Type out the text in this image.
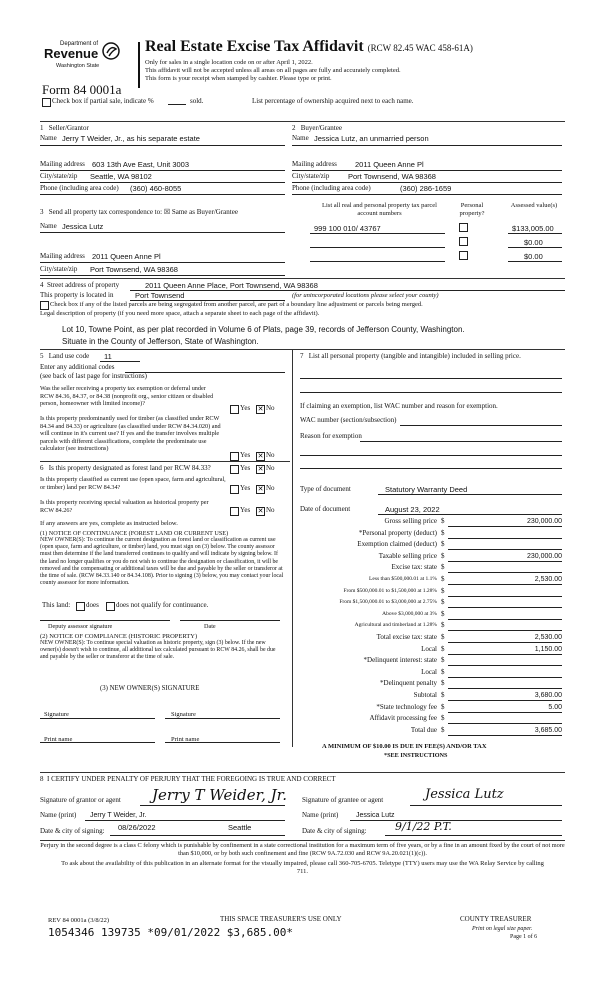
Department of
Revenue
Washington State
Form 84 0001a
Check box if partial sale, indicate %	sold.	List percentage of ownership acquired next to each name.
Real Estate Excise Tax Affidavit (RCW 82.45 WAC 458-61A)
Only for sales in a single location code on or after April 1, 2022.
This affidavit will not be accepted unless all areas on all pages are fully and accurately completed.
This form is your receipt when stamped by cashier. Please type or print.
1 Seller/Grantor
Name Jerry T Weider, Jr., as his separate estate
Mailing address 603 13th Ave East, Unit 3003
City/state/zip Seattle, WA 98102
Phone (including area code) (360) 460-8055
2 Buyer/Grantee
Name Jessica Lutz, an unmarried person
Mailing address 2011 Queen Anne Pl
City/state/zip Port Townsend, WA 98368
Phone (including area code)	(360) 286-1659
3 Send all property tax correspondence to: ☒ Same as Buyer/Grantee
Name Jessica Lutz
Mailing address 2011 Queen Anne Pl
City/state/zip Port Townsend, WA 98368
List all real and personal property tax parcel account numbers
Personal property?
Assessed value(s)
999 100 010/ 43767	$133,005.00
$0.00
$0.00
4 Street address of property	2011 Queen Anne Place, Port Townsend, WA 98368
This property is located in	Port Townsend	(for unincorporated locations please select your county)
Check box if any of the listed parcels are being segregated from another parcel, are part of a boundary line adjustment or parcels being merged.
Legal description of property (if you need more space, attach a separate sheet to each page of the affidavit).
Lot 10, Towne Point, as per plat recorded in Volume 6 of Plats, page 39, records of Jefferson County, Washington.
Situate in the County of Jefferson, State of Washington.
5 Land use code 11
Enter any additional codes
(see back of last page for instructions)
Was the seller receiving a property tax exemption or deferral under RCW 84.36, 84.37, or 84.38 (nonprofit org., senior citizen or disabled person, homeowner with limited income)?
Yes ✕ No
Is this property predominantly used for timber (as classified under RCW 84.34 and 84.33) or agriculture (as classified under RCW 84.34.020) and will continue in it's current use? If yes and the transfer involves multiple parcels with different classifications, complete the predominate use calculator (see instructions)
Yes ✕ No
6 Is this property designated as forest land per RCW 84.33?	Yes ✕ No
Is this property classified as current use (open space, farm and agricultural, or timber) land per RCW 84.34?	Yes ✕ No
Is this property receiving special valuation as historical property per RCW 84.26?	Yes ✕ No
If any answers are yes, complete as instructed below.
(1) NOTICE OF CONTINUANCE (FOREST LAND OR CURRENT USE)
NEW OWNER(S): To continue the current designation as forest land or classification as current use (open space, farm and agriculture, or timber) land, you must sign on (3) below. The county assessor must then determine if the land transferred continues to qualify and will indicate by signing below. If the land no longer qualifies or you do not wish to continue the designation or classification, it will be removed and the compensating or additional taxes will be due and payable by the seller or transferor at the time of sale. (RCW 84.33.140 or 84.34.108). Prior to signing (3) below, you may contact your local county assessor for more information.
This land: does does not qualify for continuance.
Deputy assessor signature	Date
(2) NOTICE OF COMPLIANCE (HISTORIC PROPERTY)
NEW OWNER(S): To continue special valuation as historic property, sign (3) below. If the new owner(s) doesn't wish to continue, all additional tax calculated pursuant to RCW 84.26, shall be due and payable by the seller or transferor at the time of sale.
(3) NEW OWNER(S) SIGNATURE
Signature	Signature
Print name	Print name
7 List all personal property (tangible and intangible) included in selling price.
If claiming an exemption, list WAC number and reason for exemption.
WAC number (section/subsection)
Reason for exemption
Type of document	Statutory Warranty Deed
Date of document	August 23, 2022
Gross selling price $	230,000.00
*Personal property (deduct) $
Exemption claimed (deduct) $
Taxable selling price $	230,000.00
Excise tax: state $
Less than $500,000.01 at 1.1% $	2,530.00
From $500,000.01 to $1,500,000 at 1.28% $
From $1,500,000.01 to $3,000,000 at 2.75% $
Above $3,000,000 at 3% $
Agricultural and timberland at 1.28% $
Total excise tax: state $	2,530.00
Local $	1,150.00
*Delinquent interest: state $
Local $
*Delinquent penalty $
Subtotal $	3,680.00
*State technology fee $	5.00
Affidavit processing fee $
Total due $	3,685.00
A MINIMUM OF $10.00 IS DUE IN FEE(S) AND/OR TAX
*SEE INSTRUCTIONS
8 I CERTIFY UNDER PENALTY OF PERJURY THAT THE FOREGOING IS TRUE AND CORRECT
Signature of grantor or agent Jerry T Weider, Jr.
Name (print) Jerry T Weider, Jr.
Date & city of signing: 08/26/2022	Seattle
Signature of grantee or agent	Jessica Lutz
Name (print)	Jessica Lutz
Date & city of signing:	9/1/22 P.T.
Perjury in the second degree is a class C felony which is punishable by confinement in a state correctional institution for a maximum term of five years, or by a fine in an amount fixed by the court of not more than $10,000, or by both such confinement and fine (RCW 9A.72.030 and RCW 9A.20.021(1)(c)).
To ask about the availability of this publication in an alternate format for the visually impaired, please call 360-705-6705. Teletype (TTY) users may use the WA Relay Service by calling 711.
REV 84 0001a (3/8/22)	THIS SPACE TREASURER'S USE ONLY	COUNTY TREASURER
Print on legal size paper.
Page 1 of 6
1054346 139735 *09/01/2022 $3,685.00*
